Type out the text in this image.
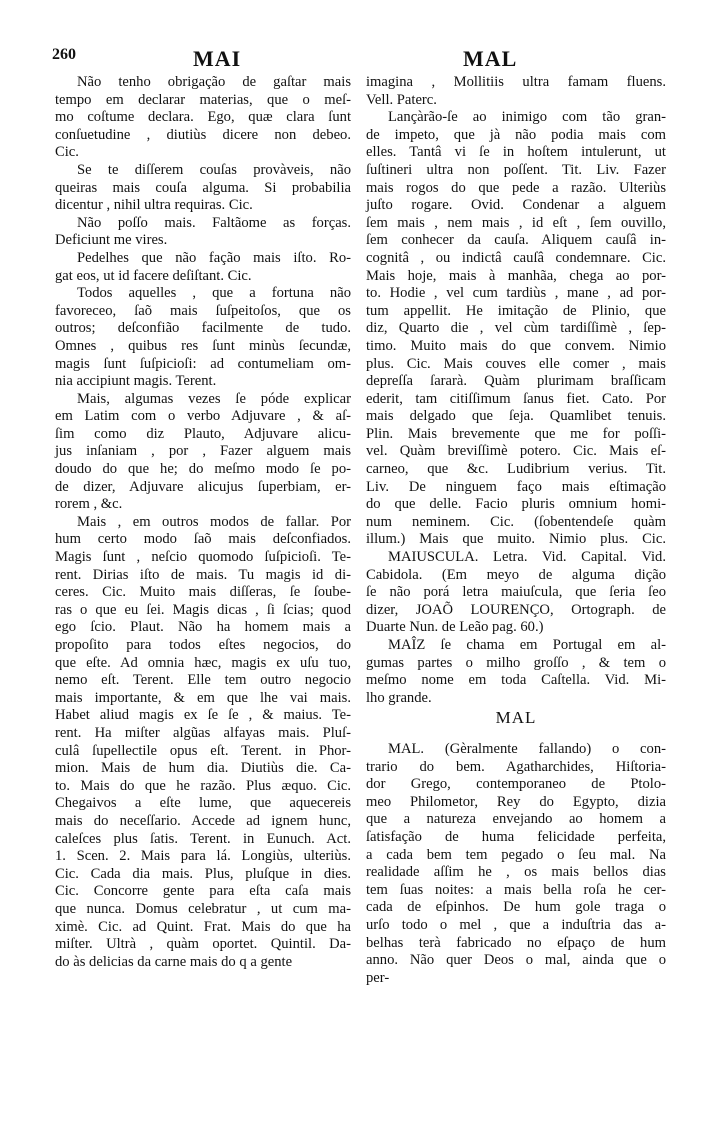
260	MAI	MAL
Não tenho obrigação de gaſtar mais
tempo em declarar materias, que o meſ-
mo coſtume declara. Ego, quæ clara ſunt
conſuetudine , diutiùs dicere non debeo.
Cic.
Se te diſſerem couſas provàveis, não
queiras mais couſa alguma. Si probabilia
dicentur , nihil ultra requiras. Cic.
Não poſſo mais. Faltãome as forças.
Deficiunt me vires.
Pedelhes que não fação mais iſto. Ro-
gat eos, ut id facere deſiſtant. Cic.
Todos aquelles , que a fortuna não
favoreceo, ſaõ mais ſuſpeitoſos, que os
outros; deſconfião facilmente de tudo.
Omnes , quibus res ſunt minùs ſecundæ,
magis ſunt ſuſpicioſi: ad contumeliam om-
nia accipiunt magis. Terent.
Mais, algumas vezes ſe póde explicar
em Latim com o verbo Adjuvare , & aſ-
ſim como diz Plauto, Adjuvare alicu-
jus inſaniam , por , Fazer alguem mais
doudo do que he; do meſmo modo ſe po-
de dizer, Adjuvare alicujus ſuperbiam, er-
rorem , &c.
Mais , em outros modos de fallar. Por
hum certo modo ſaõ mais deſconfiados.
Magis ſunt , neſcio quomodo ſuſpicioſi. Te-
rent. Dirias iſto de mais. Tu magis id di-
ceres. Cic. Muito mais diſſeras, ſe ſoube-
ras o que eu ſei. Magis dicas , ſi ſcias; quod
ego ſcio. Plaut. Não ha homem mais a
propoſito para todos eſtes negocios, do
que eſte. Ad omnia hæc, magis ex uſu tuo,
nemo eſt. Terent. Elle tem outro negocio
mais importante, & em que lhe vai mais.
Habet aliud magis ex ſe ſe , & maius. Te-
rent. Ha miſter algũas alfayas mais. Pluſ-
culâ ſupellectile opus eſt. Terent. in Phor-
mion. Mais de hum dia. Diutiùs die. Ca-
to. Mais do que he razão. Plus æquo. Cic.
Chegaivos a eſte lume, que aquecereis
mais do neceſſario. Accede ad ignem hunc,
caleſces plus ſatis. Terent. in Eunuch. Act.
1. Scen. 2. Mais para lá. Longiùs, ulteriùs.
Cic. Cada dia mais. Plus, pluſque in dies.
Cic. Concorre gente para eſta caſa mais
que nunca. Domus celebratur , ut cum ma-
ximè. Cic. ad Quint. Frat. Mais do que ha
miſter. Ultrà , quàm oportet. Quintil. Da-
do às delicias da carne mais do q a gente
imagina , Mollitiis ultra famam fluens.
Vell. Paterc.
Lançàrão-ſe ao inimigo com tão gran-
de impeto, que jà não podia mais com
elles. Tantâ vi ſe in hoſtem intulerunt, ut
ſuſtineri ultra non poſſent. Tit. Liv. Fazer
mais rogos do que pede a razão. Ulteriùs
juſto rogare. Ovid. Condenar a alguem
ſem mais , nem mais , id eſt , ſem ouvillo,
ſem conhecer da cauſa. Aliquem cauſâ in-
cognitâ , ou indictâ cauſâ condemnare. Cic.
Mais hoje, mais à manhãa, chega ao por-
to. Hodie , vel cum tardiùs , mane , ad por-
tum appellit. He imitação de Plinio, que
diz, Quarto die , vel cùm tardiſſimè , ſep-
timo. Muito mais do que convem. Nimio
plus. Cic. Mais couves elle comer , mais
depreſſa ſararà. Quàm plurimam braſſicam
ederit, tam citiſſimum ſanus fiet. Cato. Por
mais delgado que ſeja. Quamlibet tenuis.
Plin. Mais brevemente que me for poſſi-
vel. Quàm breviſſimè potero. Cic. Mais eſ-
carneo, que &c. Ludibrium verius. Tit.
Liv. De ninguem faço mais eſtimação
do que delle. Facio pluris omnium homi-
num neminem. Cic. (ſobentendeſe quàm
illum.) Mais que muito. Nimio plus. Cic.
MAIUSCULA. Letra. Vid. Capital. Vid.
Cabidola. (Em meyo de alguma dição
ſe não porá letra maiuſcula, que ſeria ſeo
dizer, JOAÕ LOURENÇO, Ortograph. de
Duarte Nun. de Leão pag. 60.)
MAÎZ ſe chama em Portugal em al-
gumas partes o milho groſſo , & tem o
meſmo nome em toda Caſtella. Vid. Mi-
lho grande.
MAL
MAL. (Gèralmente fallando) o con-
trario do bem. Agatharchides, Hiſtoria-
dor Grego, contemporaneo de Ptolo-
meo Philometor, Rey do Egypto, dizia
que a natureza envejando ao homem a
ſatisfação de huma felicidade perfeita,
a cada bem tem pegado o ſeu mal. Na
realidade aſſim he , os mais bellos dias
tem ſuas noites: a mais bella roſa he cer-
cada de eſpinhos. De hum gole traga o
urſo todo o mel , que a induſtria das a-
belhas terà fabricado no eſpaço de hum
anno. Não quer Deos o mal, ainda que o
per-
